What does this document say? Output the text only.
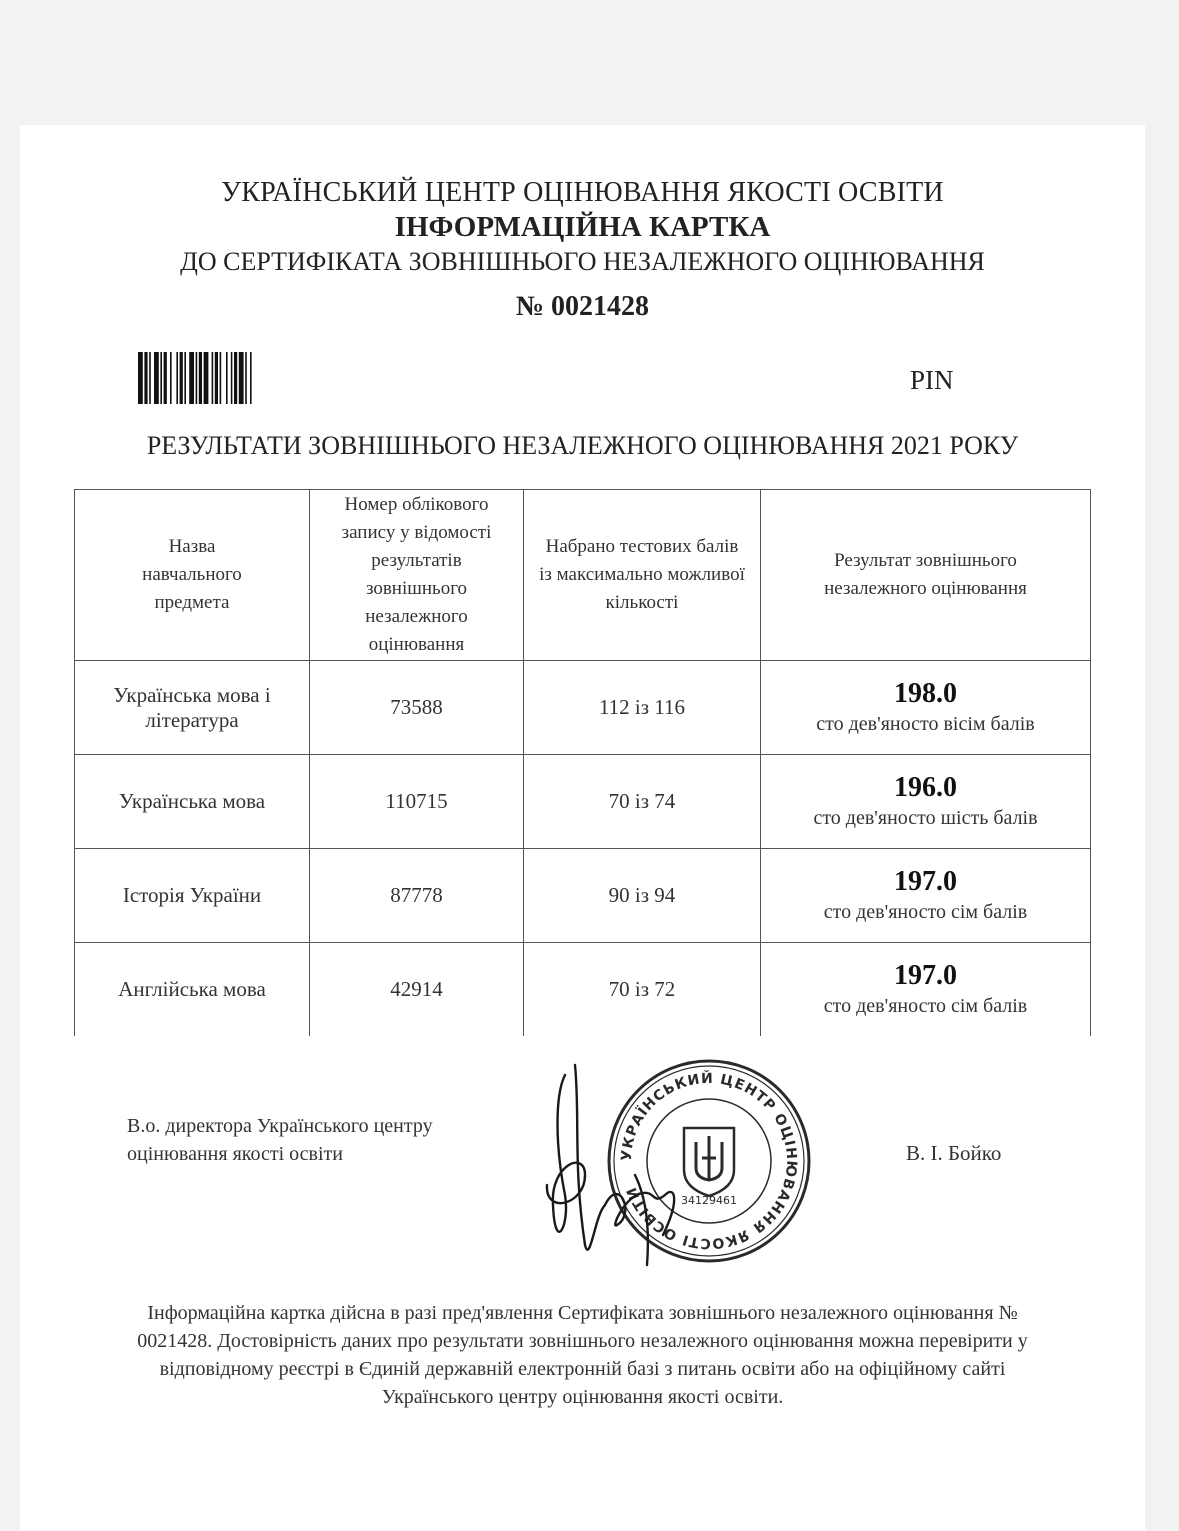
УКРАЇНСЬКИЙ ЦЕНТР ОЦІНЮВАННЯ ЯКОСТІ ОСВІТИ
ІНФОРМАЦІЙНА КАРТКА
ДО СЕРТИФІКАТА ЗОВНІШНЬОГО НЕЗАЛЕЖНОГО ОЦІНЮВАННЯ
№ 0021428
PIN
РЕЗУЛЬТАТИ ЗОВНІШНЬОГО НЕЗАЛЕЖНОГО ОЦІНЮВАННЯ 2021 РОКУ
Назва навчального предмета	Номер облікового запису у відомості результатів зовнішнього незалежного оцінювання	Набрано тестових балів із максимально можливої кількості	Результат зовнішнього незалежного оцінювання
Українська мова і література	73588	112 із 116	198.0
сто дев'яносто вісім балів

Українська мова	110715	70 із 74	196.0
сто дев'яносто шість балів

Історія України	87778	90 із 94	197.0
сто дев'яносто сім балів

Англійська мова	42914	70 із 72	197.0
сто дев'яносто сім балів
В.о. директора Українського центру оцінювання якості освіти	УКРАЇНСЬКИЙ ЦЕНТР ОЦІНЮВАННЯ ЯКОСТІ ОСВІТИ	34129461
В. І. Бойко
Інформаційна картка дійсна в разі пред'явлення Сертифіката зовнішнього незалежного оцінювання № 0021428. Достовірність даних про результати зовнішнього незалежного оцінювання можна перевірити у відповідному реєстрі в Єдиній державній електронній базі з питань освіти або на офіційному сайті Українського центру оцінювання якості освіти.
